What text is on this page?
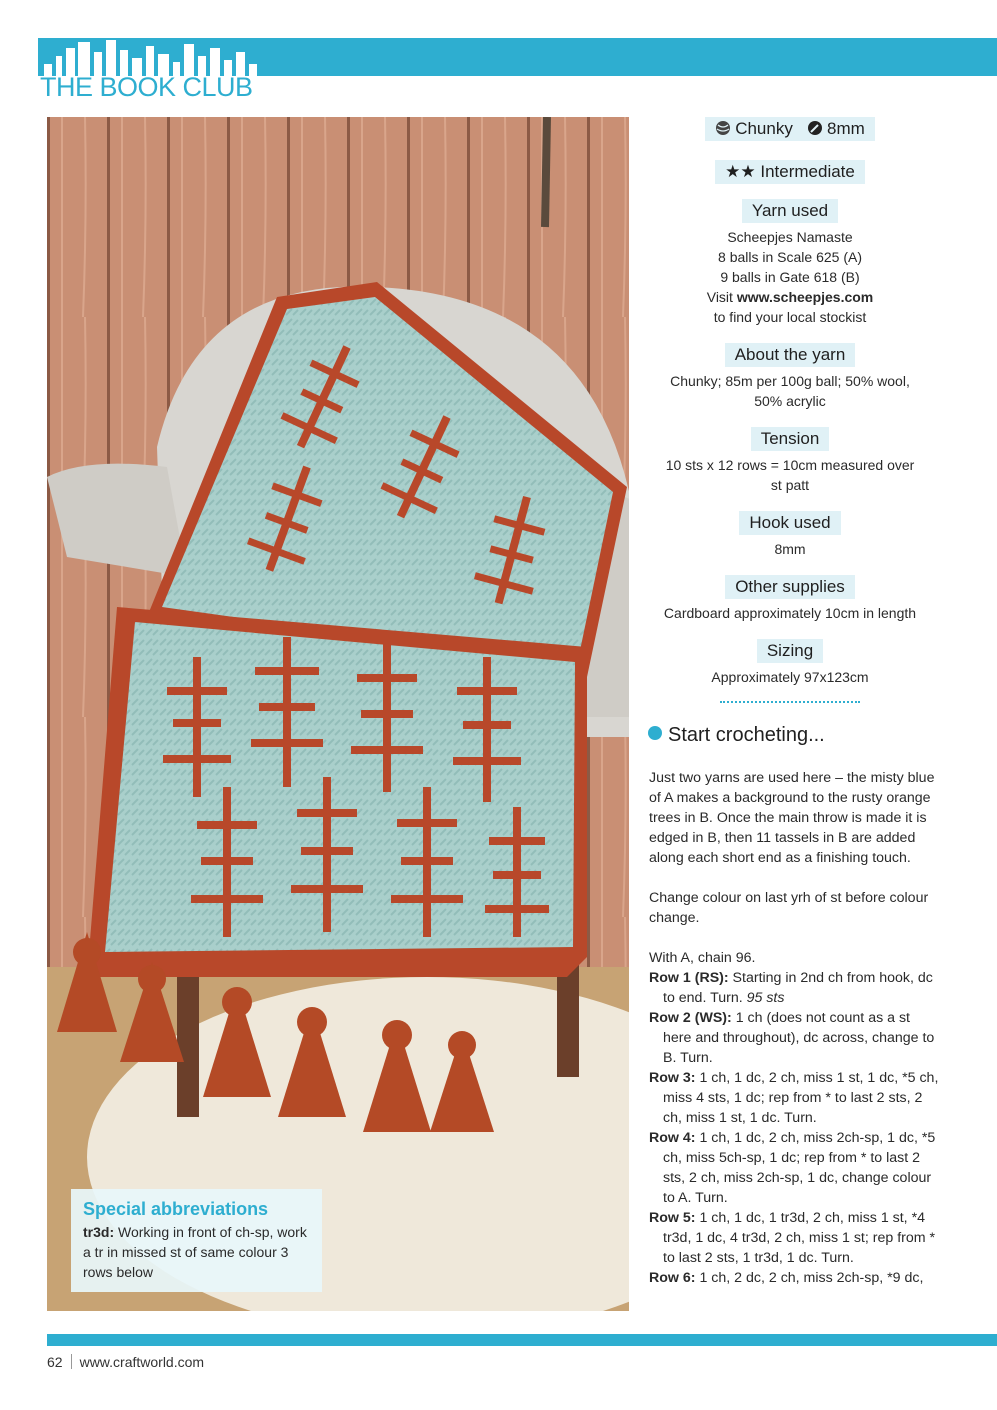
THE BOOK CLUB
Special abbreviations
tr3d: Working in front of ch-sp, work a tr in missed st of same colour 3 rows below
Chunky 8mm
★★ Intermediate
Yarn used

Scheepjes Namaste

8 balls in Scale 625 (A)

9 balls in Gate 618 (B)

Visit www.scheepjes.com

to find your local stockist

About the yarn

Chunky; 85m per 100g ball; 50% wool,

50% acrylic

Tension

10 sts x 12 rows = 10cm measured over

st patt

Hook used

8mm

Other supplies

Cardboard approximately 10cm in length

Sizing

Approximately 97x123cm

Start crocheting...

Just two yarns are used here – the misty blue of A makes a background to the rusty orange trees in B. Once the main throw is made it is edged in B, then 11 tassels in B are added along each short end as a finishing touch.

Change colour on last yrh of st before colour change.

With A, chain 96.

Row 1 (RS): Starting in 2nd ch from hook, dc to end. Turn. 95 sts

Row 2 (WS): 1 ch (does not count as a st here and throughout), dc across, change to B. Turn.

Row 3: 1 ch, 1 dc, 2 ch, miss 1 st, 1 dc, *5 ch, miss 4 sts, 1 dc; rep from * to last 2 sts, 2 ch, miss 1 st, 1 dc. Turn.

Row 4: 1 ch, 1 dc, 2 ch, miss 2ch-sp, 1 dc, *5 ch, miss 5ch-sp, 1 dc; rep from * to last 2 sts, 2 ch, miss 2ch-sp, 1 dc, change colour to A. Turn.

Row 5: 1 ch, 1 dc, 1 tr3d, 2 ch, miss 1 st, *4 tr3d, 1 dc, 4 tr3d, 2 ch, miss 1 st; rep from * to last 2 sts, 1 tr3d, 1 dc. Turn.

Row 6: 1 ch, 2 dc, 2 ch, miss 2ch-sp, *9 dc,

62 www.craftworld.com
